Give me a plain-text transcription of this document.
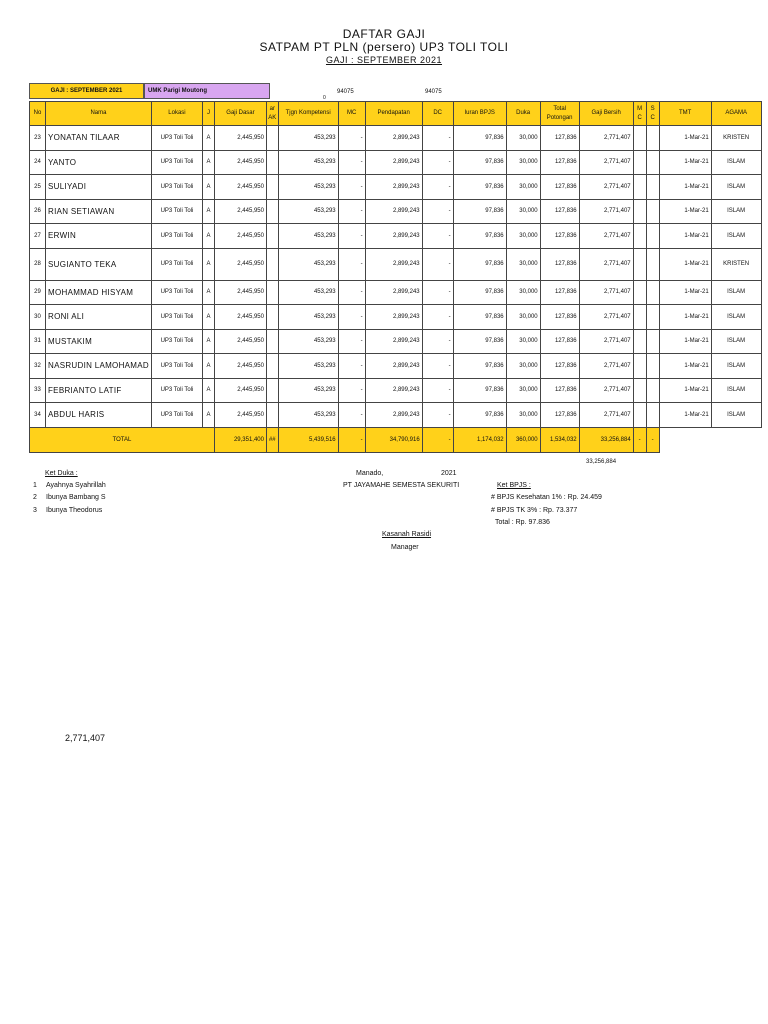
DAFTAR GAJI
SATPAM PT PLN (persero) UP3 TOLI TOLI
GAJI : SEPTEMBER 2021
GAJI : SEPTEMBER 2021	UMK Parigi Moutong
0
94075	94075
No	Nama	Lokasi	J	Gaji Dasar	ar AK	Tjgn Kompetensi	MC	Pendapatan	DC	Iuran BPJS	Duka	Total Potongan	Gaji Bersih	M C	S C	TMT	AGAMA
23	YONATAN TILAAR	UP3 Toli Toli	A	2,445,950		453,293	-	2,899,243	-	97,836	30,000	127,836	2,771,407			1-Mar-21	KRISTEN
24	YANTO	UP3 Toli Toli	A	2,445,950		453,293	-	2,899,243	-	97,836	30,000	127,836	2,771,407			1-Mar-21	ISLAM
25	SULIYADI	UP3 Toli Toli	A	2,445,950		453,293	-	2,899,243	-	97,836	30,000	127,836	2,771,407			1-Mar-21	ISLAM
26	RIAN SETIAWAN	UP3 Toli Toli	A	2,445,950		453,293	-	2,899,243	-	97,836	30,000	127,836	2,771,407			1-Mar-21	ISLAM
27	ERWIN	UP3 Toli Toli	A	2,445,950		453,293	-	2,899,243	-	97,836	30,000	127,836	2,771,407			1-Mar-21	ISLAM
28	SUGIANTO TEKA	UP3 Toli Toli	A	2,445,950		453,293	-	2,899,243	-	97,836	30,000	127,836	2,771,407			1-Mar-21	KRISTEN
29	MOHAMMAD HISYAM	UP3 Toli Toli	A	2,445,950		453,293	-	2,899,243	-	97,836	30,000	127,836	2,771,407			1-Mar-21	ISLAM
30	RONI ALI	UP3 Toli Toli	A	2,445,950		453,293	-	2,899,243	-	97,836	30,000	127,836	2,771,407			1-Mar-21	ISLAM
31	MUSTAKIM	UP3 Toli Toli	A	2,445,950		453,293	-	2,899,243	-	97,836	30,000	127,836	2,771,407			1-Mar-21	ISLAM
32	NASRUDIN LAMOHAMAD	UP3 Toli Toli	A	2,445,950		453,293	-	2,899,243	-	97,836	30,000	127,836	2,771,407			1-Mar-21	ISLAM
33	FEBRIANTO LATIF	UP3 Toli Toli	A	2,445,950		453,293	-	2,899,243	-	97,836	30,000	127,836	2,771,407			1-Mar-21	ISLAM
34	ABDUL HARIS	UP3 Toli Toli	A	2,445,950		453,293	-	2,899,243	-	97,836	30,000	127,836	2,771,407			1-Mar-21	ISLAM
TOTAL				29,351,400	##	5,439,516	-	34,790,916	-	1,174,032	360,000	1,534,032	33,256,884	-	-		
33,256,884
Ket Duka :
1 Ayahnya Syahrillah
2 Ibunya Bambang S
3 Ibunya Theodorus
Manado,	2021
PT JAYAMAHE SEMESTA SEKURITI
Kasanah Rasidi
Manager
Ket BPJS :
# BPJS Kesehatan 1% : Rp. 24.459
# BPJS TK 3% : Rp. 73.377
Total : Rp. 97.836
2,771,407
